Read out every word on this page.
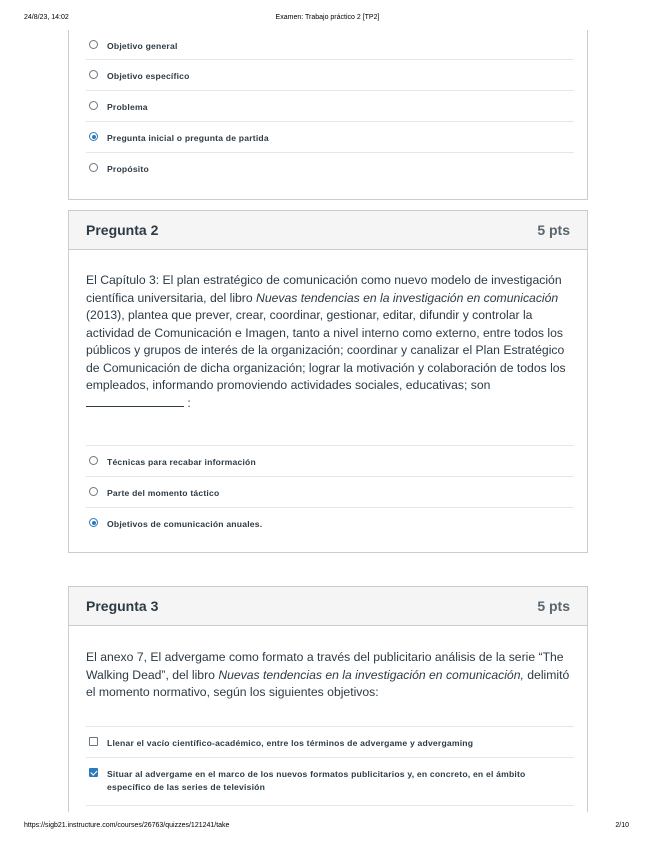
24/8/23, 14:02	Examen: Trabajo práctico 2 [TP2]
Objetivo general
Objetivo específico
Problema
Pregunta inicial o pregunta de partida
Propósito
Pregunta 2	5 pts
El Capítulo 3: El plan estratégico de comunicación como nuevo modelo de investigación científica universitaria, del libro Nuevas tendencias en la investigación en comunicación (2013), plantea que prever, crear, coordinar, gestionar, editar, difundir y controlar la actividad de Comunicación e Imagen, tanto a nivel interno como externo, entre todos los públicos y grupos de interés de la organización; coordinar y canalizar el Plan Estratégico de Comunicación de dicha organización; lograr la motivación y colaboración de todos los empleados, informando promoviendo actividades sociales, educativas; son  :
Técnicas para recabar información
Parte del momento táctico
Objetivos de comunicación anuales.
Pregunta 3	5 pts
El anexo 7, El advergame como formato a través del publicitario análisis de la serie “The Walking Dead”, del libro Nuevas tendencias en la investigación en comunicación, delimitó el momento normativo, según los siguientes objetivos:
Llenar el vacío científico-académico, entre los términos de advergame y advergaming
Situar al advergame en el marco de los nuevos formatos publicitarios y, en concreto, en el ámbito específico de las series de televisión
https://sigb21.instructure.com/courses/26763/quizzes/121241/take	2/10
